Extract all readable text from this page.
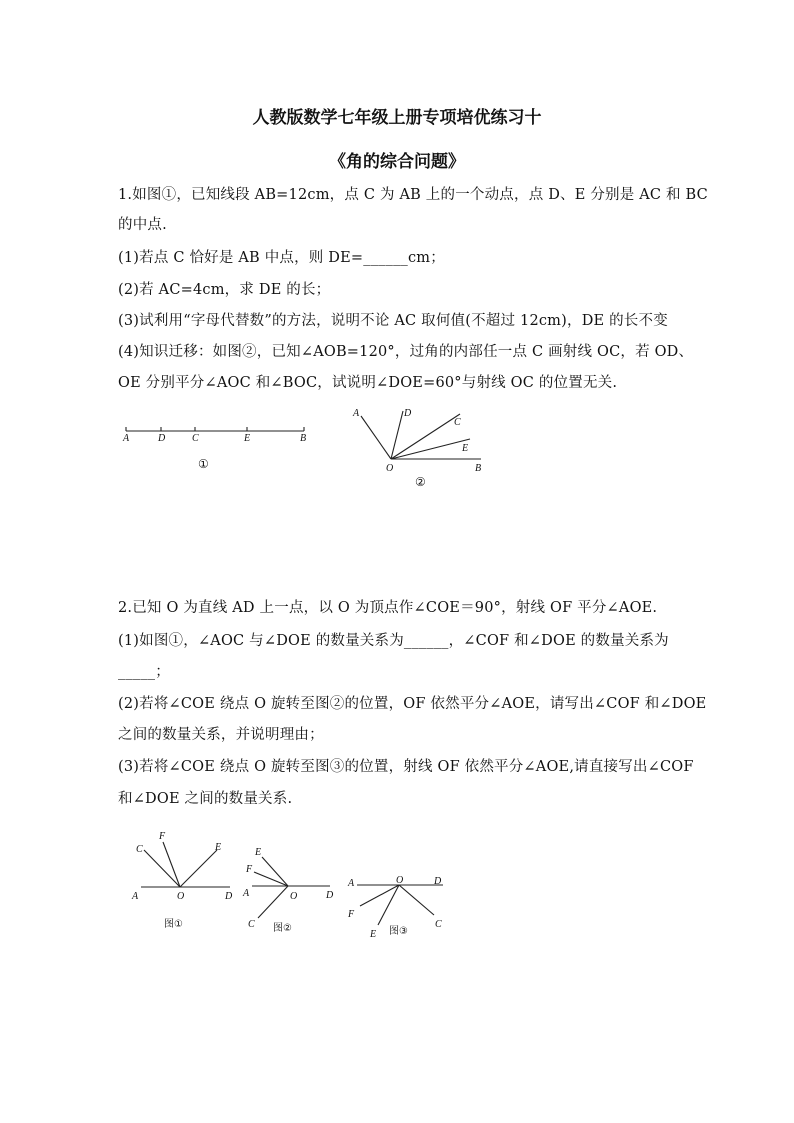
人教版数学七年级上册专项培优练习十
《角的综合问题》
1.如图①，已知线段 AB=12cm，点 C 为 AB 上的一个动点，点 D、E 分别是 AC 和 BC
的中点.
(1)若点 C 恰好是 AB 中点，则 DE=______cm；
(2)若 AC=4cm，求 DE 的长；
(3)试利用“字母代替数”的方法，说明不论 AC 取何值(不超过 12cm)，DE 的长不变
(4)知识迁移：如图②，已知∠AOB=120°，过角的内部任一点 C 画射线 OC，若 OD、
OE 分别平分∠AOC 和∠BOC，试说明∠DOE=60°与射线 OC 的位置无关.
A	D	C	E	B
①
A	D
C
E
O	B
②
C
F
E
A	O	D
图①
E
F
A	O	D
C 图②
A	O	D
F
E
C
图③
2.已知 O 为直线 AD 上一点，以 O 为顶点作∠COE＝90°，射线 OF 平分∠AOE.
(1)如图①，∠AOC 与∠DOE 的数量关系为______，∠COF 和∠DOE 的数量关系为
_____；
(2)若将∠COE 绕点 O 旋转至图②的位置，OF 依然平分∠AOE，请写出∠COF 和∠DOE
之间的数量关系，并说明理由；
(3)若将∠COE 绕点 O 旋转至图③的位置，射线 OF 依然平分∠AOE,请直接写出∠COF
和∠DOE 之间的数量关系.
